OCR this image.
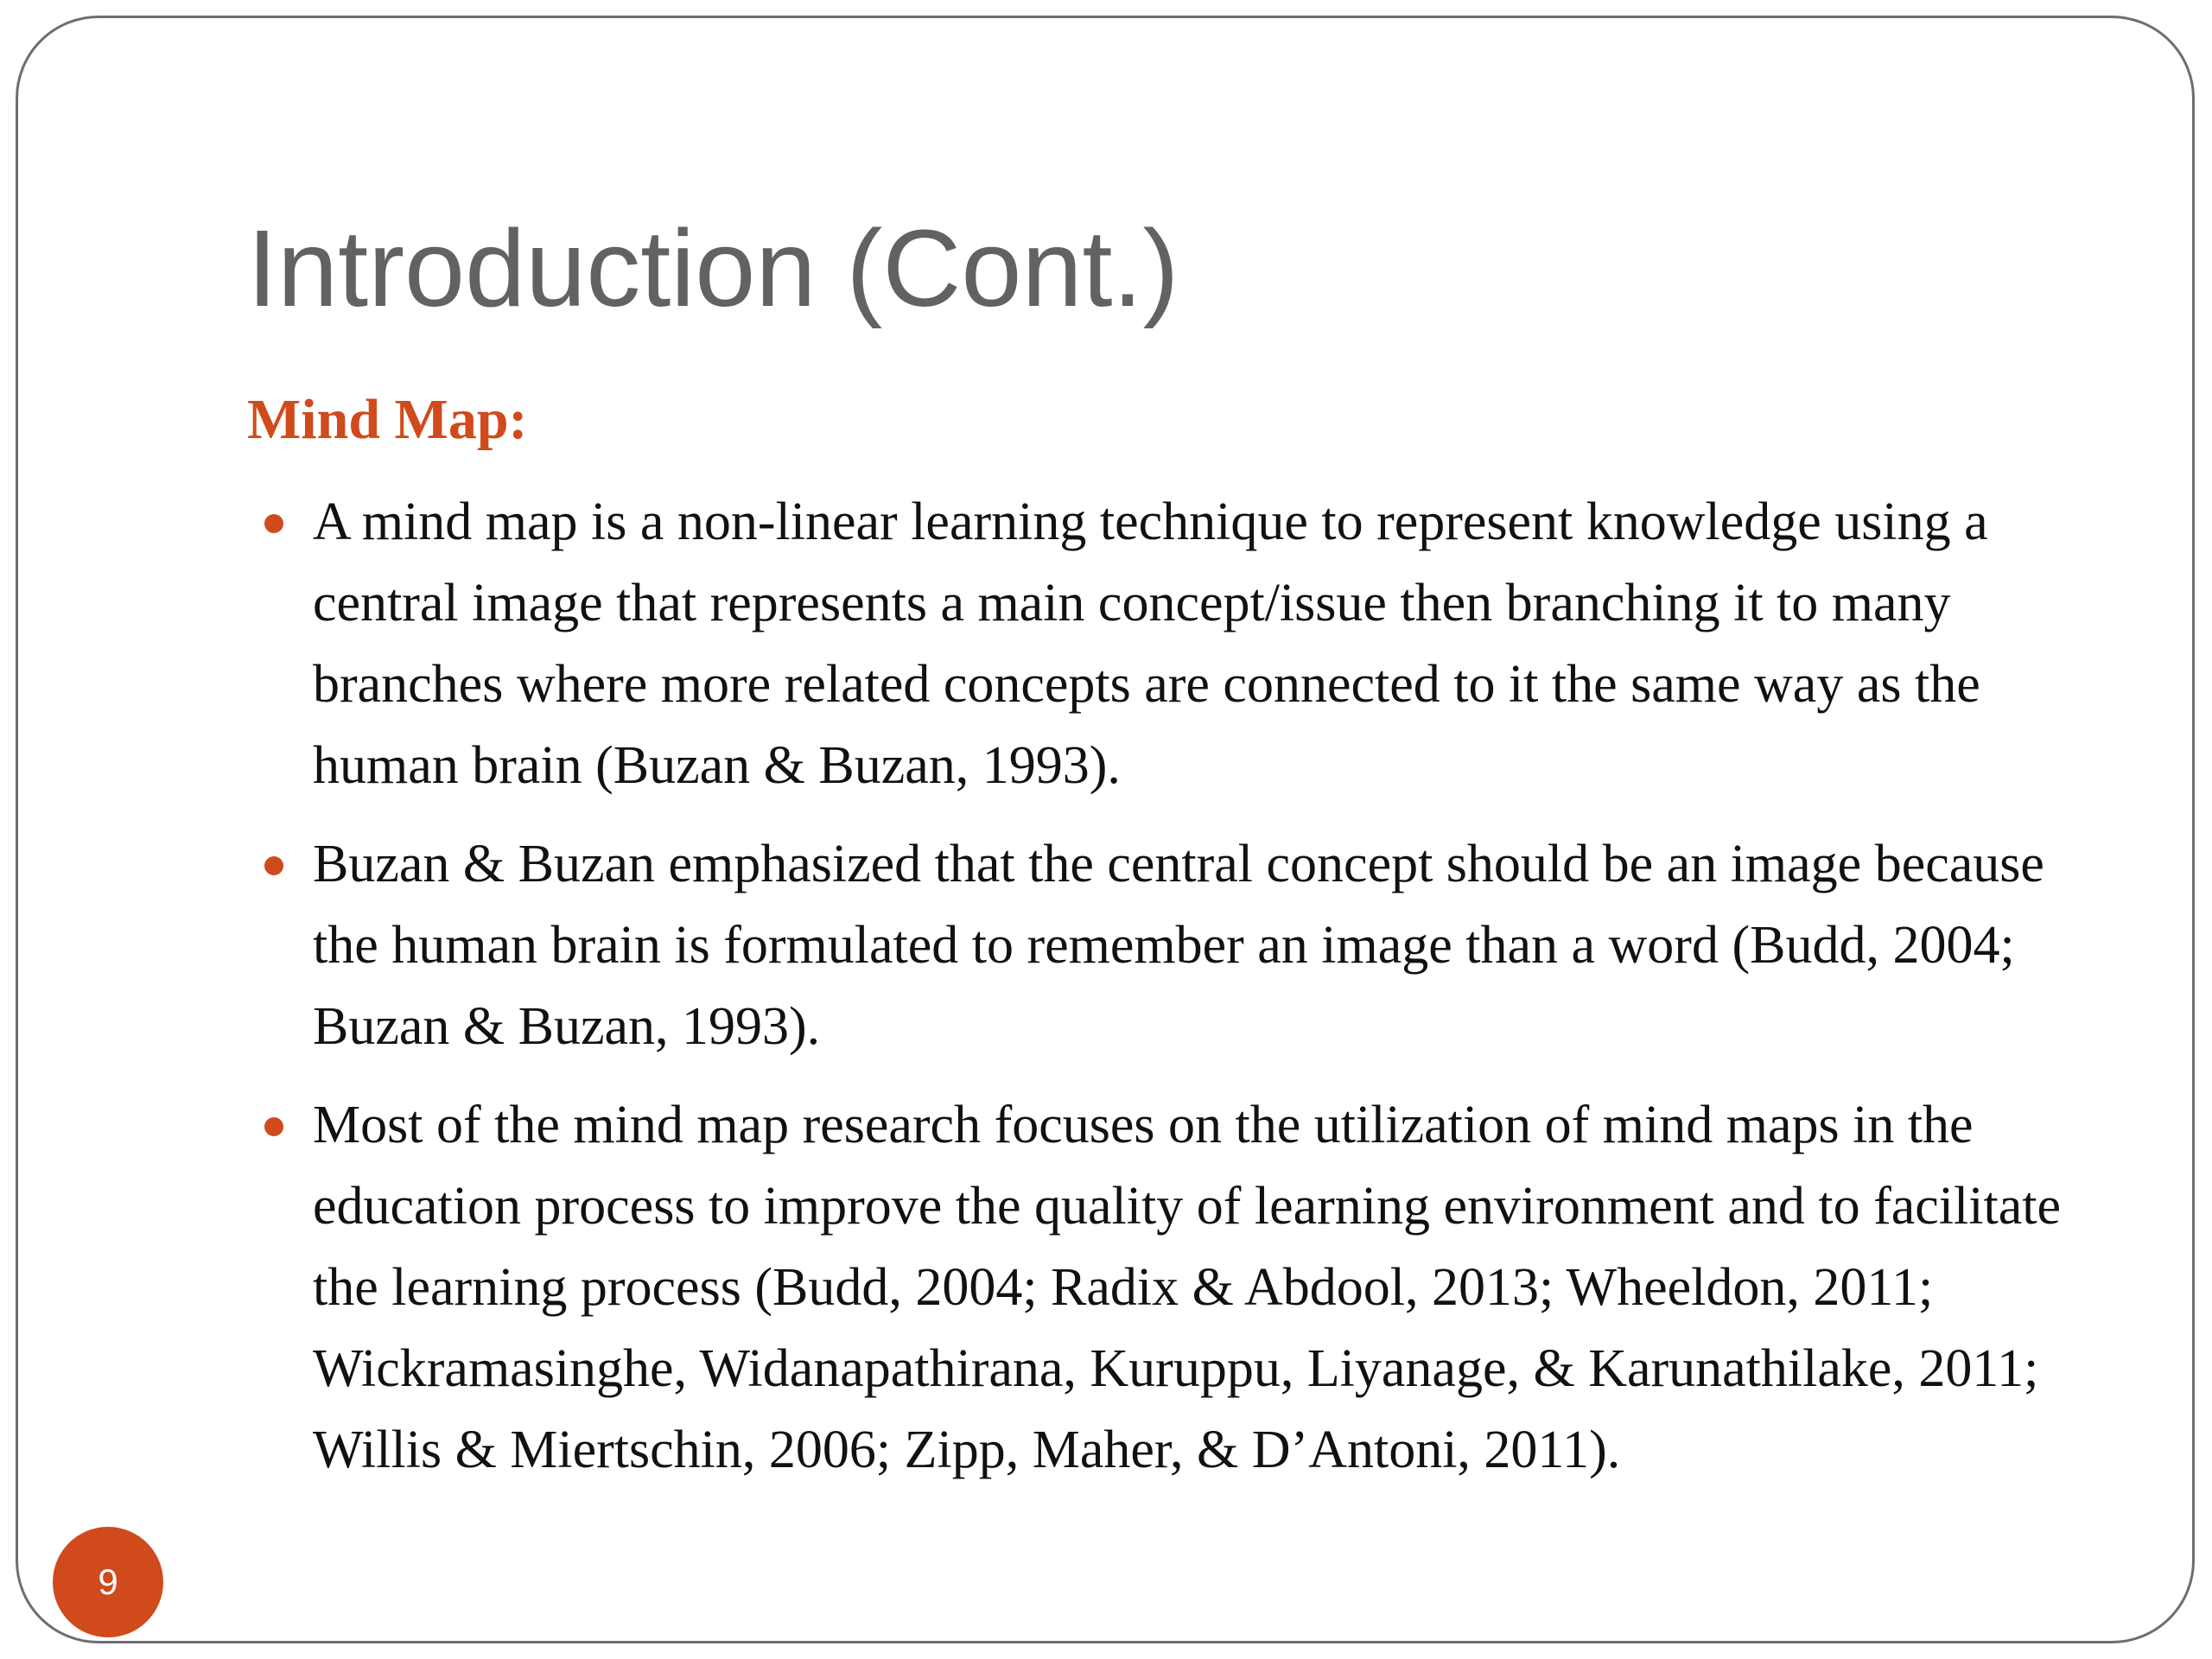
Introduction (Cont.)
Mind Map:
A mind map is a non-linear learning technique to represent knowledge using a central image that represents a main concept/issue then branching it to many branches where more related concepts are connected to it the same way as the human brain (Buzan & Buzan, 1993).
Buzan & Buzan emphasized that the central concept should be an image because the human brain is formulated to remember an image than a word (Budd, 2004; Buzan & Buzan, 1993).
Most of the mind map research focuses on the utilization of mind maps in the education process to improve the quality of learning environment and to facilitate the learning process (Budd, 2004; Radix & Abdool, 2013; Wheeldon, 2011; Wickramasinghe, Widanapathirana, Kuruppu, Liyanage, & Karunathilake, 2011; Willis & Miertschin, 2006; Zipp, Maher, & D’Antoni, 2011).
9
